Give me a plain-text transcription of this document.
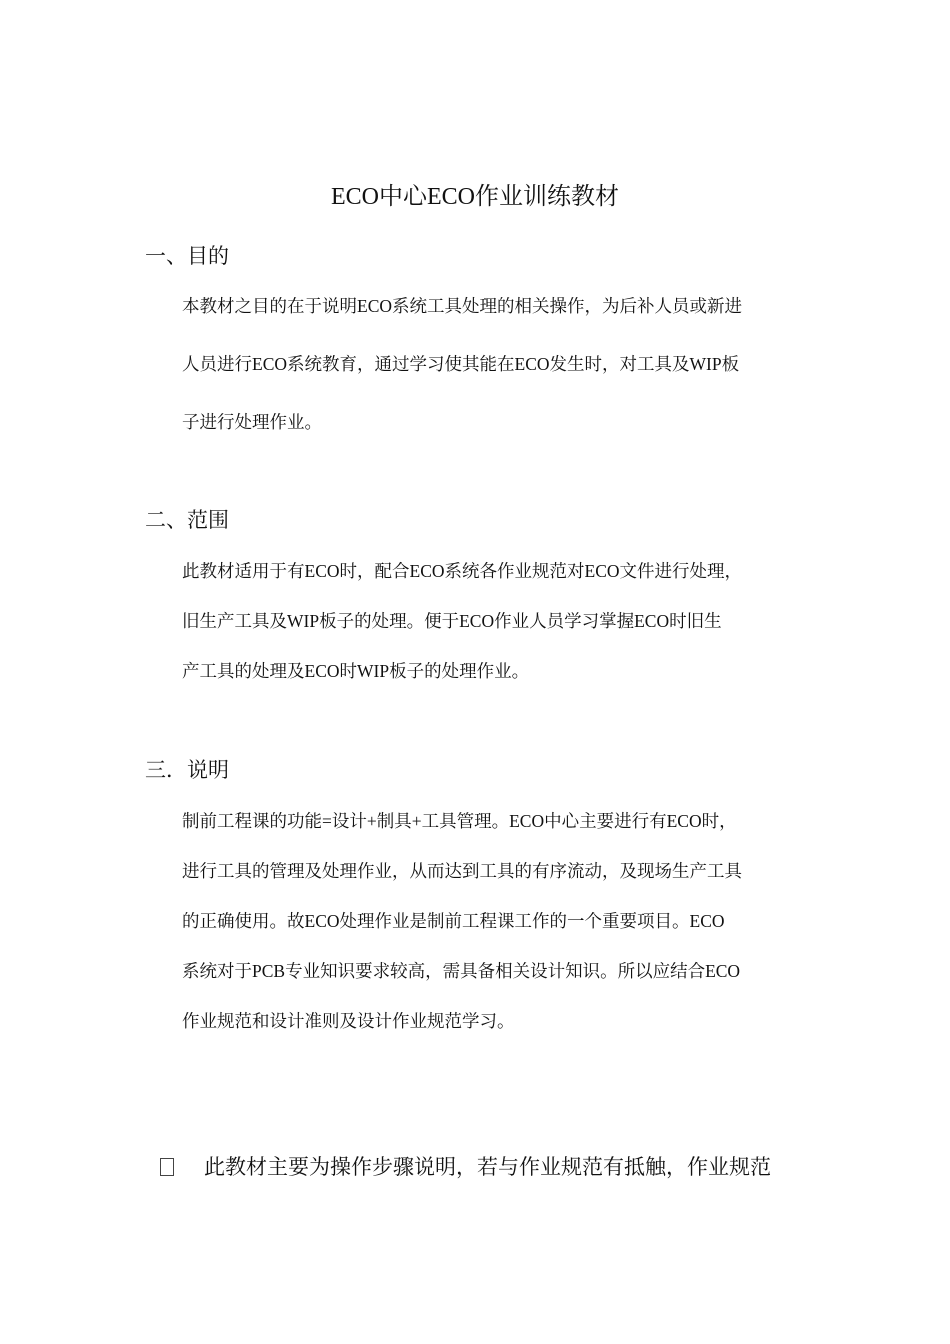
ECO中心ECO作业训练教材
一、目的
本教材之目的在于说明ECO系统工具处理的相关操作，为后补人员或新进
人员进行ECO系统教育，通过学习使其能在ECO发生时，对工具及WIP板
子进行处理作业。
二、范围
此教材适用于有ECO时，配合ECO系统各作业规范对ECO文件进行处理，
旧生产工具及WIP板子的处理。便于ECO作业人员学习掌握ECO时旧生
产工具的处理及ECO时WIP板子的处理作业。
三．说明
制前工程课的功能=设计+制具+工具管理。ECO中心主要进行有ECO时，
进行工具的管理及处理作业，从而达到工具的有序流动，及现场生产工具
的正确使用。故ECO处理作业是制前工程课工作的一个重要项目。ECO
系统对于PCB专业知识要求较高，需具备相关设计知识。所以应结合ECO
作业规范和设计准则及设计作业规范学习。
此教材主要为操作步骤说明，若与作业规范有抵触，作业规范
